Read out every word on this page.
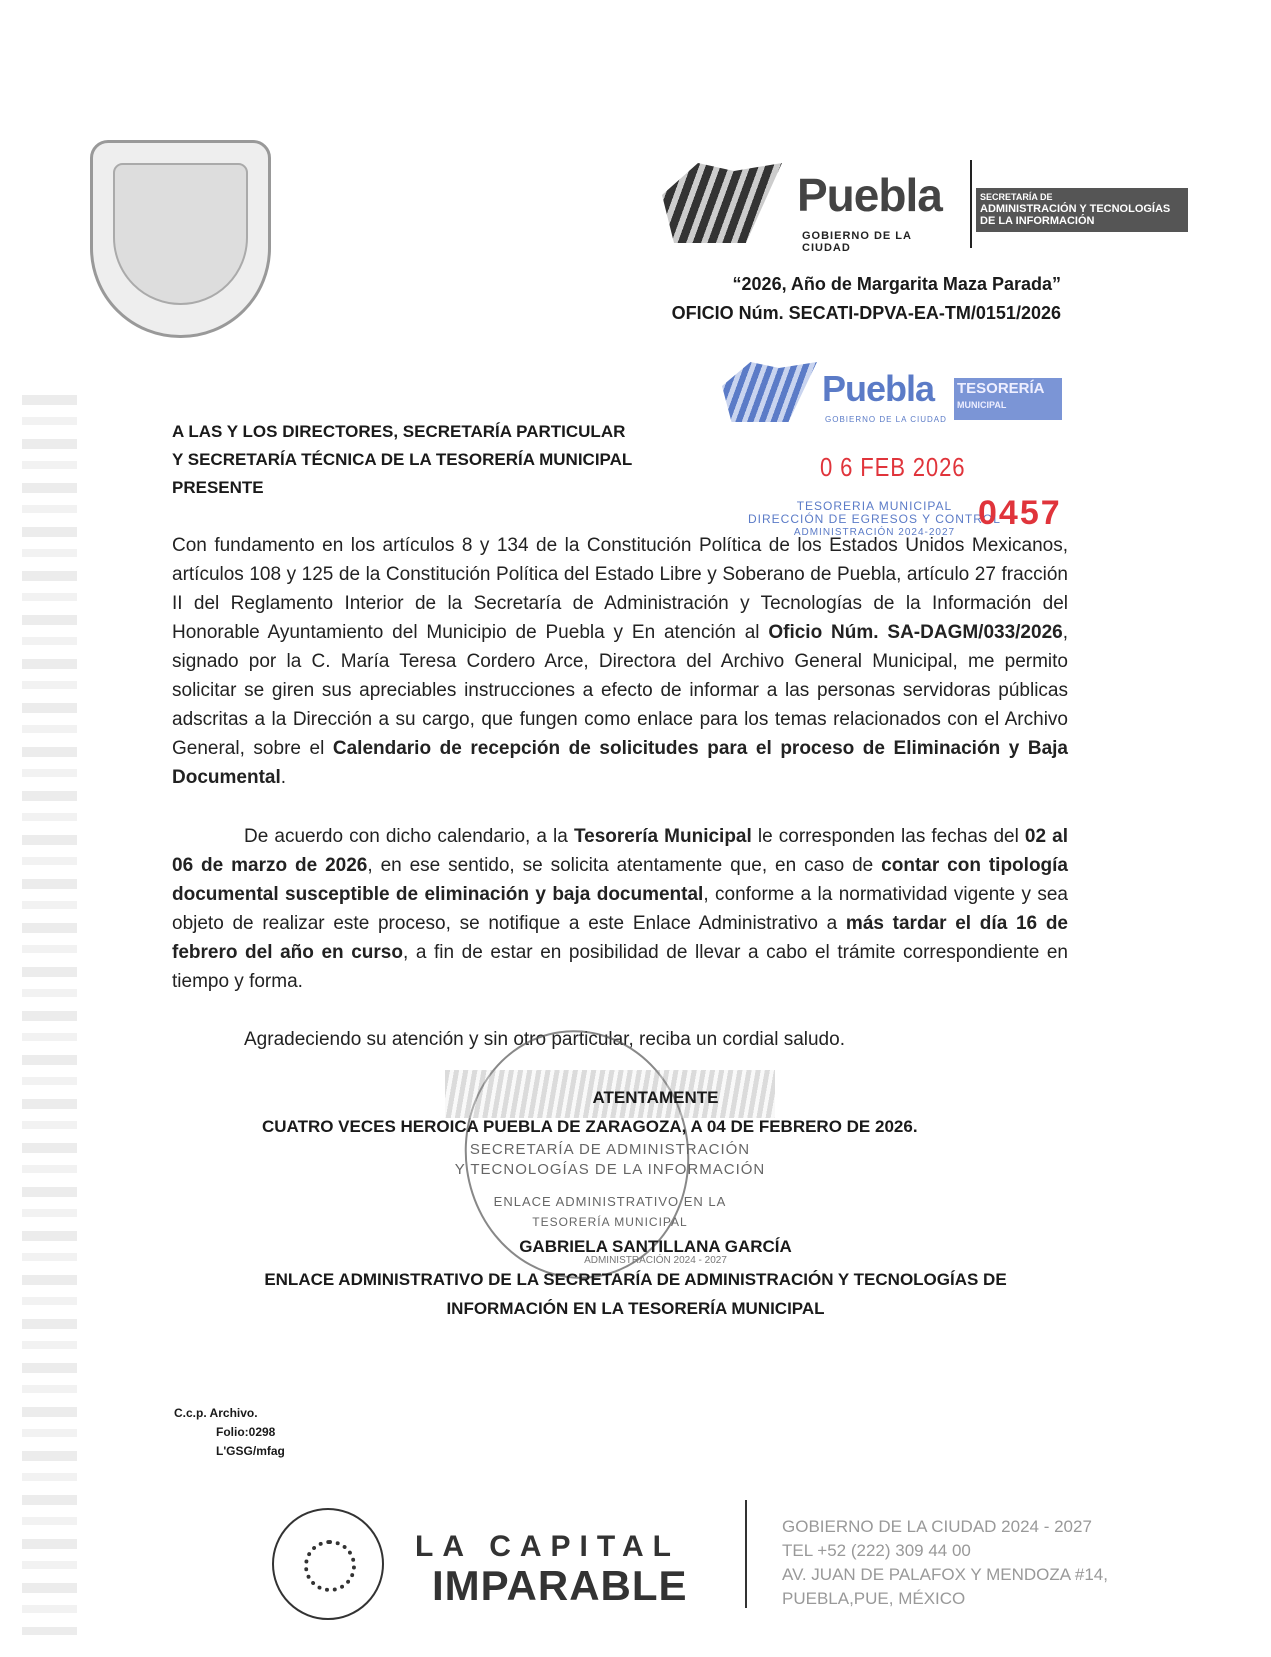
Puebla
GOBIERNO DE LA CIUDAD
SECRETARÍA DE
ADMINISTRACIÓN Y TECNOLOGÍAS
DE LA INFORMACIÓN
“2026, Año de Margarita Maza Parada”
OFICIO Núm. SECATI-DPVA-EA-TM/0151/2026
Puebla
GOBIERNO DE LA CIUDAD
TESORERÍA
MUNICIPAL
0 6 FEB 2026
TESORERIA MUNICIPAL
DIRECCIÓN DE EGRESOS Y CONTROL
ADMINISTRACIÓN 2024-2027
0457
A LAS Y LOS DIRECTORES, SECRETARÍA PARTICULAR
Y SECRETARÍA TÉCNICA DE LA TESORERÍA MUNICIPAL
PRESENTE
Con fundamento en los artículos 8 y 134 de la Constitución Política de los Estados Unidos Mexicanos, artículos 108 y 125 de la Constitución Política del Estado Libre y Soberano de Puebla, artículo 27 fracción II del Reglamento Interior de la Secretaría de Administración y Tecnologías de la Información del Honorable Ayuntamiento del Municipio de Puebla y En atención al Oficio Núm. SA-DAGM/033/2026, signado por la C. María Teresa Cordero Arce, Directora del Archivo General Municipal, me permito solicitar se giren sus apreciables instrucciones a efecto de informar a las personas servidoras públicas adscritas a la Dirección a su cargo, que fungen como enlace para los temas relacionados con el Archivo General, sobre el Calendario de recepción de solicitudes para el proceso de Eliminación y Baja Documental.
De acuerdo con dicho calendario, a la Tesorería Municipal le corresponden las fechas del 02 al 06 de marzo de 2026, en ese sentido, se solicita atentamente que, en caso de contar con tipología documental susceptible de eliminación y baja documental, conforme a la normatividad vigente y sea objeto de realizar este proceso, se notifique a este Enlace Administrativo a más tardar el día 16 de febrero del año en curso, a fin de estar en posibilidad de llevar a cabo el trámite correspondiente en tiempo y forma.
Agradeciendo su atención y sin otro particular, reciba un cordial saludo.
ATENTAMENTE
CUATRO VECES HEROICA PUEBLA DE ZARAGOZA, A 04 DE FEBRERO DE 2026.
SECRETARÍA DE ADMINISTRACIÓN
Y TECNOLOGÍAS DE LA INFORMACIÓN
ENLACE ADMINISTRATIVO EN LA
TESORERÍA MUNICIPAL
GABRIELA SANTILLANA GARCÍA
ADMINISTRACIÓN 2024 - 2027
ENLACE ADMINISTRATIVO DE LA SECRETARÍA DE ADMINISTRACIÓN Y TECNOLOGÍAS DE
INFORMACIÓN EN LA TESORERÍA MUNICIPAL
C.c.p. Archivo.
Folio:0298
L'GSG/mfag
LA CAPITAL
IMPARABLE
GOBIERNO DE LA CIUDAD 2024 - 2027
TEL +52 (222) 309 44 00
AV. JUAN DE PALAFOX Y MENDOZA #14,
PUEBLA,PUE, MÉXICO
